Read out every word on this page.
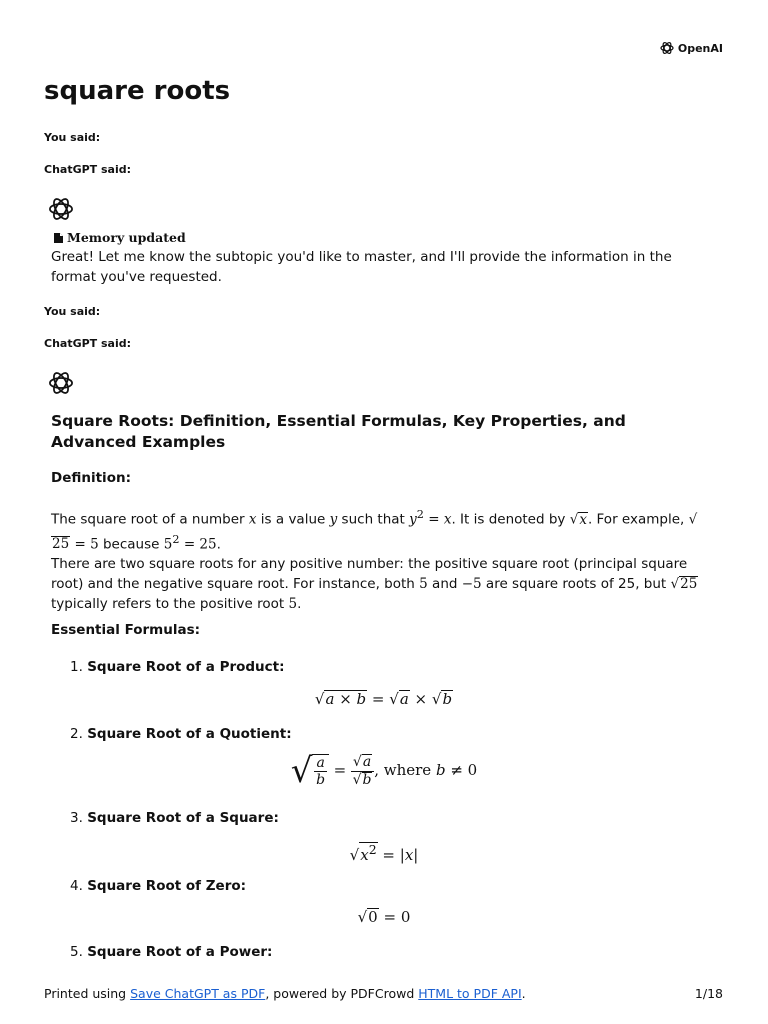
OpenAI
square roots
You said:
ChatGPT said:
Memory updated

Great! Let me know the subtopic you'd like to master, and I'll provide the information in the format you've requested.

You said:
ChatGPT said:
Square Roots: Definition, Essential Formulas, Key Properties, and Advanced Examples

Definition:

The square root of a number x is a value y such that $y^2 = x$. It is denoted by √x. For example, √25 = 5 because $5^2 = 25$.
There are two square roots for any positive number: the positive square root (principal square root) and the negative square root. For instance, both 5 and −5 are square roots of 25, but √25 typically refers to the positive root 5.

Essential Formulas:

1. Square Root of a Product:
√a × b = √a × √b
2. Square Root of a Quotient:
√ $\frac{a}{b} = \frac{√a}{√b}$ , where b ≠ 0
3. Square Root of a Square:
$√x^2 = |x|$
4. Square Root of Zero:
√0 = 0
5. Square Root of a Power:
Printed using Save ChatGPT as PDF, powered by PDFCrowd HTML to PDF API.	1/18
